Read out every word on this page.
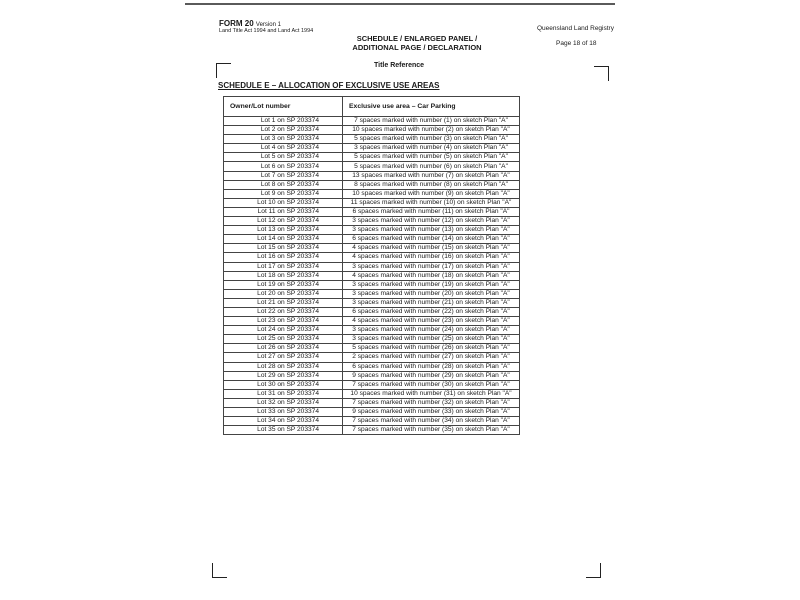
FORM 20 Version 1
Land Title Act 1994 and Land Act 1994	Queensland Land Registry
Page 18 of 18
SCHEDULE / ENLARGED PANEL /
ADDITIONAL PAGE / DECLARATION
Title Reference
SCHEDULE E – ALLOCATION OF EXCLUSIVE USE AREAS
Owner/Lot number	Exclusive use area – Car Parking
Lot 1 on SP 203374	7 spaces marked with number (1) on sketch Plan "A"
Lot 2 on SP 203374	10 spaces marked with number (2) on sketch Plan "A"
Lot 3 on SP 203374	5 spaces marked with number (3) on sketch Plan "A"
Lot 4 on SP 203374	3 spaces marked with number (4) on sketch Plan "A"
Lot 5 on SP 203374	5 spaces marked with number (5) on sketch Plan "A"
Lot 6 on SP 203374	5 spaces marked with number (6) on sketch Plan "A"
Lot 7 on SP 203374	13 spaces marked with number (7) on sketch Plan "A"
Lot 8 on SP 203374	8 spaces marked with number (8) on sketch Plan "A"
Lot 9 on SP 203374	10 spaces marked with number (9) on sketch Plan "A"
Lot 10 on SP 203374	11 spaces marked with number (10) on sketch Plan "A"
Lot 11 on SP 203374	6 spaces marked with number (11) on sketch Plan "A"
Lot 12 on SP 203374	3 spaces marked with number (12) on sketch Plan "A"
Lot 13 on SP 203374	3 spaces marked with number (13) on sketch Plan "A"
Lot 14 on SP 203374	6 spaces marked with number (14) on sketch Plan "A"
Lot 15 on SP 203374	4 spaces marked with number (15) on sketch Plan "A"
Lot 16 on SP 203374	4 spaces marked with number (16) on sketch Plan "A"
Lot 17 on SP 203374	3 spaces marked with number (17) on sketch Plan "A"
Lot 18 on SP 203374	4 spaces marked with number (18) on sketch Plan "A"
Lot 19 on SP 203374	3 spaces marked with number (19) on sketch Plan "A"
Lot 20 on SP 203374	3 spaces marked with number (20) on sketch Plan "A"
Lot 21 on SP 203374	3 spaces marked with number (21) on sketch Plan "A"
Lot 22 on SP 203374	6 spaces marked with number (22) on sketch Plan "A"
Lot 23 on SP 203374	4 spaces marked with number (23) on sketch Plan "A"
Lot 24 on SP 203374	3 spaces marked with number (24) on sketch Plan "A"
Lot 25 on SP 203374	3 spaces marked with number (25) on sketch Plan "A"
Lot 26 on SP 203374	5 spaces marked with number (26) on sketch Plan "A"
Lot 27 on SP 203374	2 spaces marked with number (27) on sketch Plan "A"
Lot 28 on SP 203374	6 spaces marked with number (28) on sketch Plan "A"
Lot 29 on SP 203374	9 spaces marked with number (29) on sketch Plan "A"
Lot 30 on SP 203374	7 spaces marked with number (30) on sketch Plan "A"
Lot 31 on SP 203374	10 spaces marked with number (31) on sketch Plan "A"
Lot 32 on SP 203374	7 spaces marked with number (32) on sketch Plan "A"
Lot 33 on SP 203374	9 spaces marked with number (33) on sketch Plan "A"
Lot 34 on SP 203374	7 spaces marked with number (34) on sketch Plan "A"
Lot 35 on SP 203374	7 spaces marked with number (35) on sketch Plan "A"
